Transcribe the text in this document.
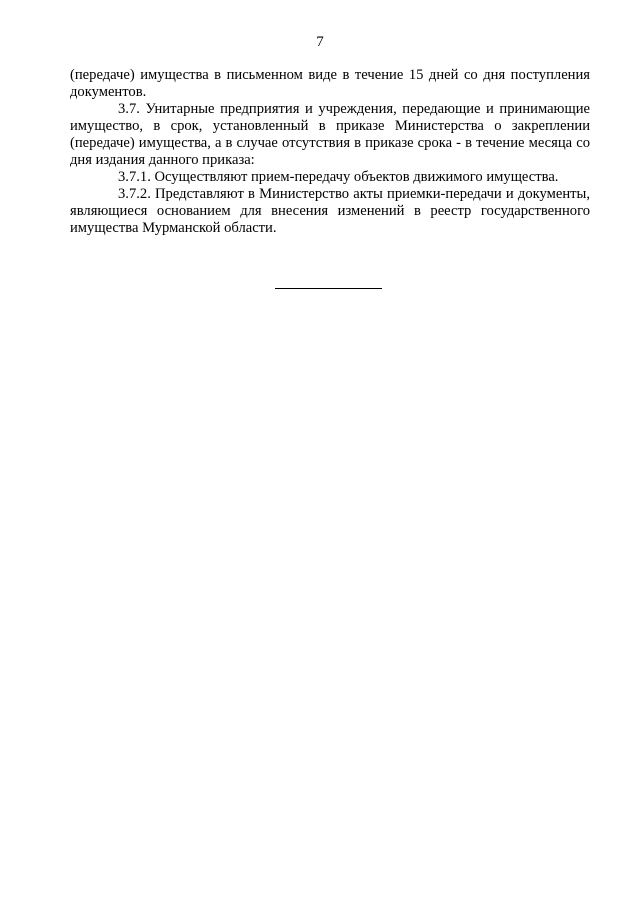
7

(передаче) имущества в письменном виде в течение 15 дней со дня поступления документов.

3.7. Унитарные предприятия и учреждения, передающие и принимающие имущество, в срок, установленный в приказе Министерства о закреплении (передаче) имущества, а в случае отсутствия в приказе срока - в течение месяца со дня издания данного приказа:

3.7.1. Осуществляют прием-передачу объектов движимого имущества.

3.7.2. Представляют в Министерство акты приемки-передачи и документы, являющиеся основанием для внесения изменений в реестр государственного имущества Мурманской области.
